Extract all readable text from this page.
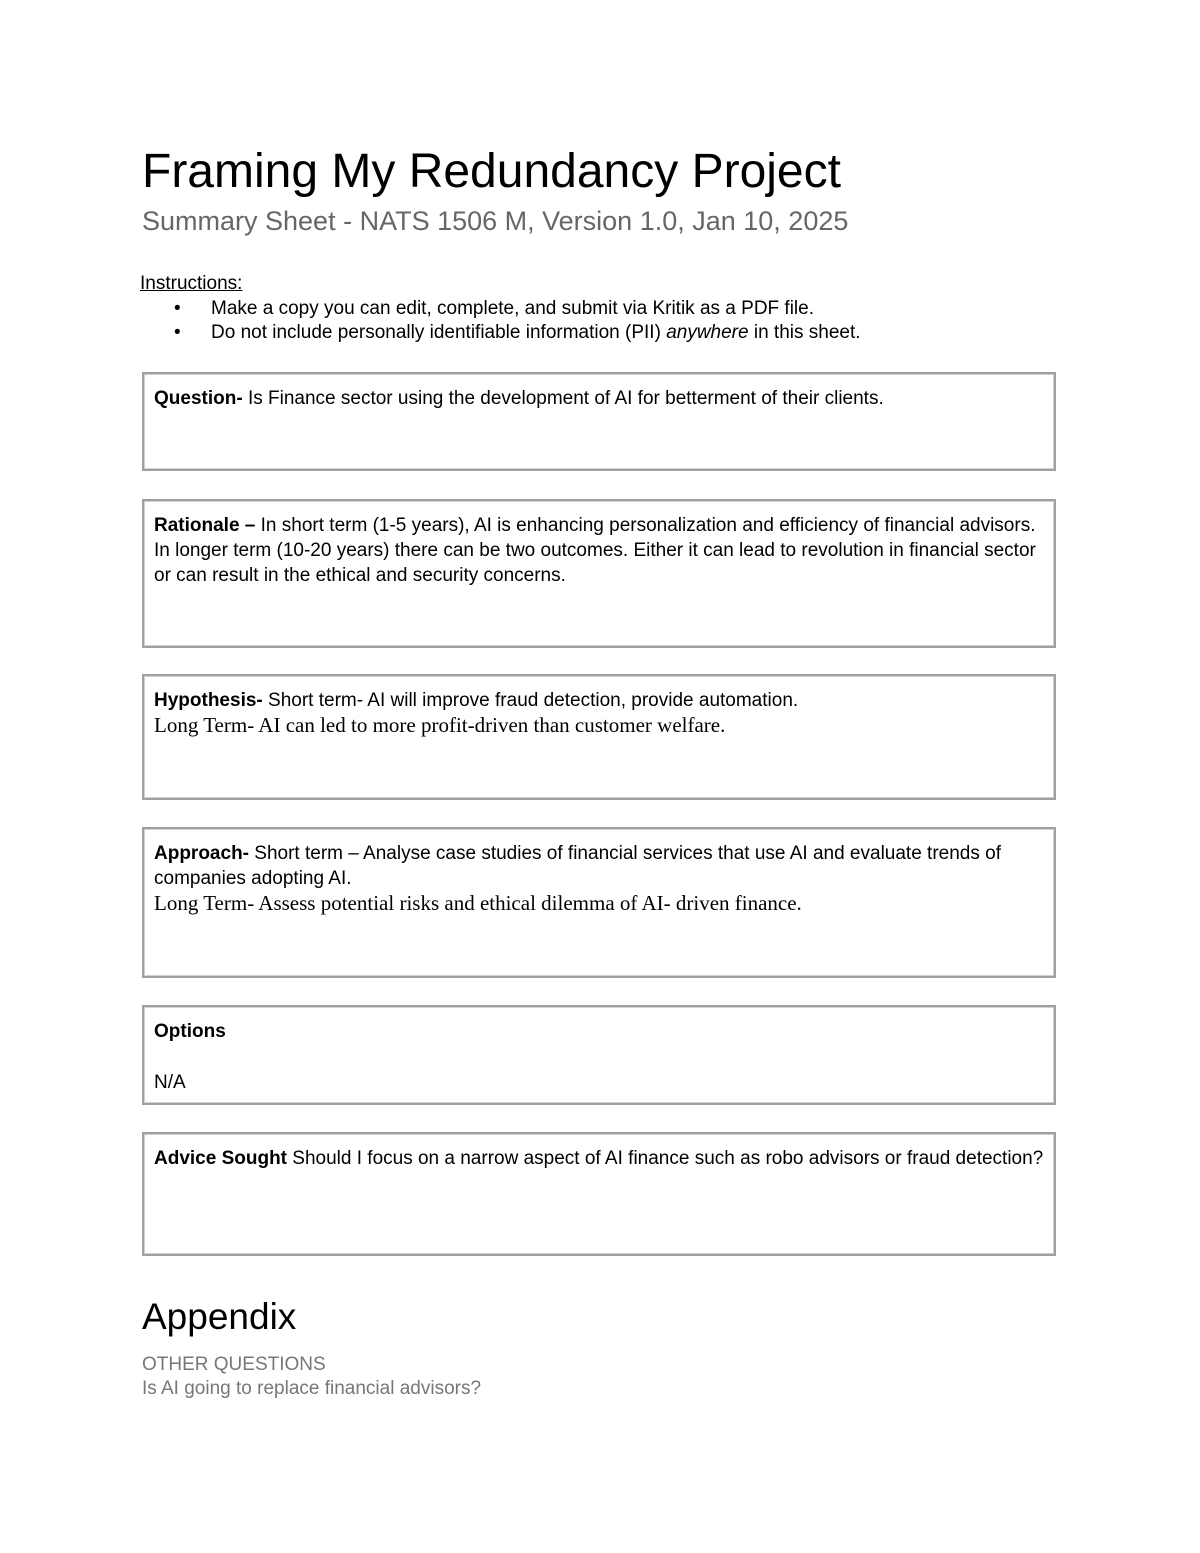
Framing My Redundancy Project
Summary Sheet - NATS 1506 M, Version 1.0, Jan 10, 2025
Instructions:
• Make a copy you can edit, complete, and submit via Kritik as a PDF file.
• Do not include personally identifiable information (PII) anywhere in this sheet.
Question- Is Finance sector using the development of AI for betterment of their clients.
Rationale – In short term (1-5 years), AI is enhancing personalization and efficiency of financial advisors. In longer term (10-20 years) there can be two outcomes. Either it can lead to revolution in financial sector or can result in the ethical and security concerns.
Hypothesis- Short term- AI will improve fraud detection, provide automation.
Long Term- AI can led to more profit-driven than customer welfare.
Approach- Short term – Analyse case studies of financial services that use AI and evaluate trends of companies adopting AI.
Long Term- Assess potential risks and ethical dilemma of AI- driven finance.
Options
N/A
Advice Sought Should I focus on a narrow aspect of AI finance such as robo advisors or fraud detection?
Appendix
OTHER QUESTIONS
Is AI going to replace financial advisors?
